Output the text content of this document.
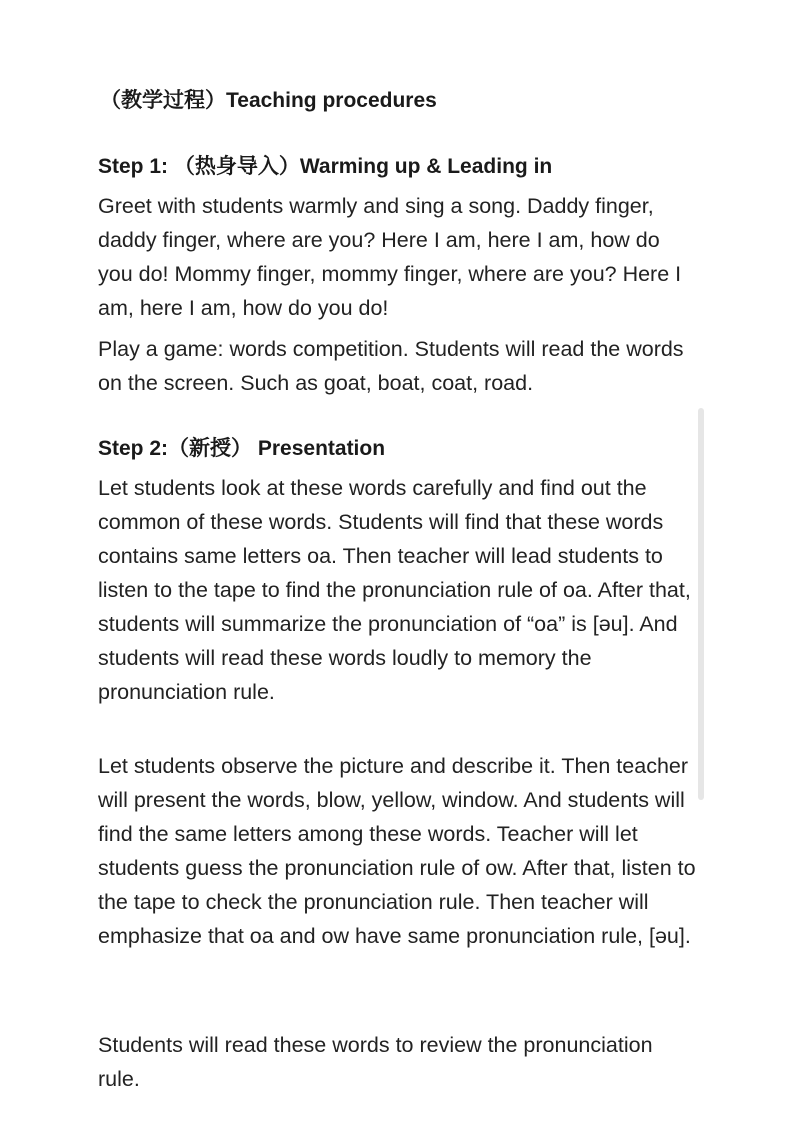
（教学过程）Teaching procedures
Step 1: （热身导入）Warming up & Leading in

Greet with students warmly and sing a song. Daddy finger, daddy finger, where are you? Here I am, here I am, how do you do! Mommy finger, mommy finger, where are you? Here I am, here I am, how do you do!

Play a game: words competition. Students will read the words on the screen. Such as goat, boat, coat, road.

Step 2:（新授） Presentation

Let students look at these words carefully and find out the common of these words. Students will find that these words contains same letters oa. Then teacher will lead students to listen to the tape to find the pronunciation rule of oa. After that, students will summarize the pronunciation of “oa” is [əu]. And students will read these words loudly to memory the pronunciation rule.

Let students observe the picture and describe it. Then teacher will present the words, blow, yellow, window. And students will find the same letters among these words. Teacher will let students guess the pronunciation rule of ow. After that, listen to the tape to check the pronunciation rule. Then teacher will emphasize that oa and ow have same pronunciation rule, [əu].

Students will read these words to review the pronunciation rule.
